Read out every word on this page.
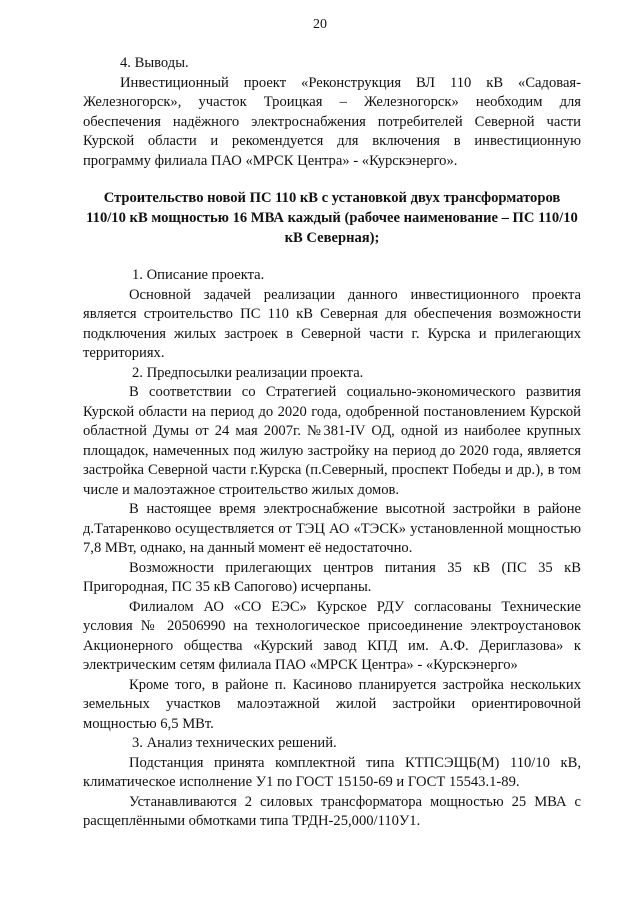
20

4. Выводы.

Инвестиционный проект «Реконструкция ВЛ 110 кВ «Садовая-Железногорск», участок Троицкая – Железногорск» необходим для обеспечения надёжного электроснабжения потребителей Северной части Курской области и рекомендуется для включения в инвестиционную программу филиала ПАО «МРСК Центра» - «Курскэнерго».

Строительство новой ПС 110 кВ с установкой двух трансформаторов 110/10 кВ мощностью 16 МВА каждый (рабочее наименование – ПС 110/10 кВ Северная);

1. Описание проекта.

Основной задачей реализации данного инвестиционного проекта является строительство ПС 110 кВ Северная для обеспечения возможности подключения жилых застроек в Северной части г. Курска и прилегающих территориях.

2. Предпосылки реализации проекта.

В соответствии со Стратегией социально-экономического развития Курской области на период до 2020 года, одобренной постановлением Курской областной Думы от 24 мая 2007г. №381-IV ОД, одной из наиболее крупных площадок, намеченных под жилую застройку на период до 2020 года, является застройка Северной части г.Курска (п.Северный, проспект Победы и др.), в том числе и малоэтажное строительство жилых домов.

В настоящее время электроснабжение высотной застройки в районе д.Татаренково осуществляется от ТЭЦ АО «ТЭСК» установленной мощностью 7,8 МВт, однако, на данный момент её недостаточно.

Возможности прилегающих центров питания 35 кВ (ПС 35 кВ Пригородная, ПС 35 кВ Сапогово) исчерпаны.

Филиалом АО «СО ЕЭС» Курское РДУ согласованы Технические условия № 20506990 на технологическое присоединение электроустановок Акционерного общества «Курский завод КПД им. А.Ф. Дериглазова» к электрическим сетям филиала ПАО «МРСК Центра» - «Курскэнерго»

Кроме того, в районе п. Касиново планируется застройка нескольких земельных участков малоэтажной жилой застройки ориентировочной мощностью 6,5 МВт.

3. Анализ технических решений.

Подстанция принята комплектной типа КТПСЭЩБ(М) 110/10 кВ, климатическое исполнение У1 по ГОСТ 15150-69 и ГОСТ 15543.1-89.

Устанавливаются 2 силовых трансформатора мощностью 25 МВА с расщеплёнными обмотками типа ТРДН-25,000/110У1.
